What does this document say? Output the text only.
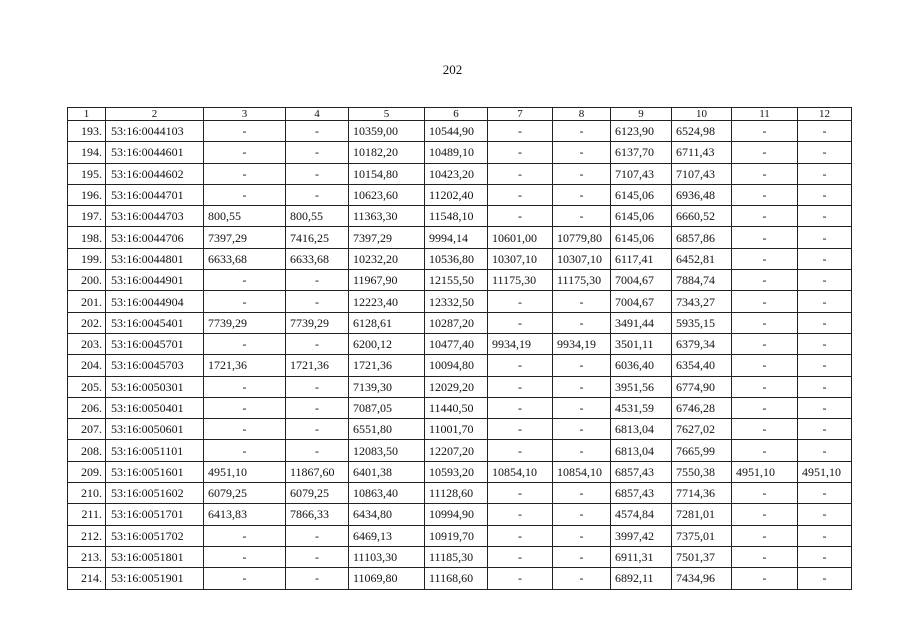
202
1	2	3	4	5	6	7	8	9	10	11	12
193.	53:16:0044103	-	-	10359,00	10544,90	-	-	6123,90	6524,98	-	-
194.	53:16:0044601	-	-	10182,20	10489,10	-	-	6137,70	6711,43	-	-
195.	53:16:0044602	-	-	10154,80	10423,20	-	-	7107,43	7107,43	-	-
196.	53:16:0044701	-	-	10623,60	11202,40	-	-	6145,06	6936,48	-	-
197.	53:16:0044703	800,55	800,55	11363,30	11548,10	-	-	6145,06	6660,52	-	-
198.	53:16:0044706	7397,29	7416,25	7397,29	9994,14	10601,00	10779,80	6145,06	6857,86	-	-
199.	53:16:0044801	6633,68	6633,68	10232,20	10536,80	10307,10	10307,10	6117,41	6452,81	-	-
200.	53:16:0044901	-	-	11967,90	12155,50	11175,30	11175,30	7004,67	7884,74	-	-
201.	53:16:0044904	-	-	12223,40	12332,50	-	-	7004,67	7343,27	-	-
202.	53:16:0045401	7739,29	7739,29	6128,61	10287,20	-	-	3491,44	5935,15	-	-
203.	53:16:0045701	-	-	6200,12	10477,40	9934,19	9934,19	3501,11	6379,34	-	-
204.	53:16:0045703	1721,36	1721,36	1721,36	10094,80	-	-	6036,40	6354,40	-	-
205.	53:16:0050301	-	-	7139,30	12029,20	-	-	3951,56	6774,90	-	-
206.	53:16:0050401	-	-	7087,05	11440,50	-	-	4531,59	6746,28	-	-
207.	53:16:0050601	-	-	6551,80	11001,70	-	-	6813,04	7627,02	-	-
208.	53:16:0051101	-	-	12083,50	12207,20	-	-	6813,04	7665,99	-	-
209.	53:16:0051601	4951,10	11867,60	6401,38	10593,20	10854,10	10854,10	6857,43	7550,38	4951,10	4951,10
210.	53:16:0051602	6079,25	6079,25	10863,40	11128,60	-	-	6857,43	7714,36	-	-
211.	53:16:0051701	6413,83	7866,33	6434,80	10994,90	-	-	4574,84	7281,01	-	-
212.	53:16:0051702	-	-	6469,13	10919,70	-	-	3997,42	7375,01	-	-
213.	53:16:0051801	-	-	11103,30	11185,30	-	-	6911,31	7501,37	-	-
214.	53:16:0051901	-	-	11069,80	11168,60	-	-	6892,11	7434,96	-	-
